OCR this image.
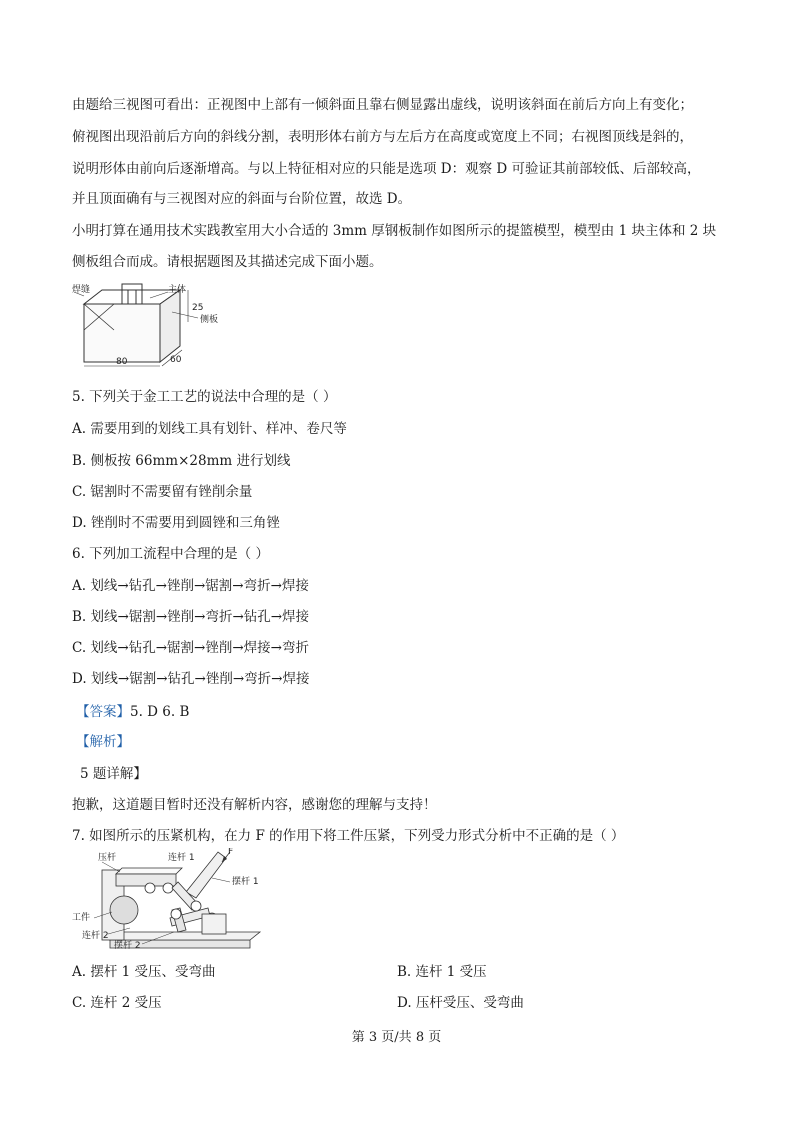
由题给三视图可看出：正视图中上部有一倾斜面且靠右侧显露出虚线，说明该斜面在前后方向上有变化；
俯视图出现沿前后方向的斜线分割，表明形体右前方与左后方在高度或宽度上不同；右视图顶线是斜的，
说明形体由前向后逐渐增高。与以上特征相对应的只能是选项 D：观察 D 可验证其前部较低、后部较高，
并且顶面确有与三视图对应的斜面与台阶位置，故选 D。
小明打算在通用技术实践教室用大小合适的 3mm 厚钢板制作如图所示的提篮模型，模型由 1 块主体和 2 块
侧板组合而成。请根据题图及其描述完成下面小题。
焊缝	主体
25
侧板
80	60
5. 下列关于金工工艺的说法中合理的是（ ）
A. 需要用到的划线工具有划针、样冲、卷尺等
B. 侧板按 66mm×28mm 进行划线
C. 锯割时不需要留有锉削余量
D. 锉削时不需要用到圆锉和三角锉
6. 下列加工流程中合理的是（ ）
A. 划线→钻孔→锉削→锯割→弯折→焊接
B. 划线→锯割→锉削→弯折→钻孔→焊接
C. 划线→钻孔→锯割→锉削→焊接→弯折
D. 划线→锯割→钻孔→锉削→弯折→焊接
【答案】5. D 6. B
【解析】
5 题详解】
抱歉，这道题目暂时还没有解析内容，感谢您的理解与支持！
7. 如图所示的压紧机构，在力 F 的作用下将工件压紧，下列受力形式分析中不正确的是（ ）
压杆	连杆 1
F
摆杆 1
工件
连杆 2
摆杆 2
A. 摆杆 1 受压、受弯曲	B. 连杆 1 受压
C. 连杆 2 受压	D. 压杆受压、受弯曲
第 3 页/共 8 页
